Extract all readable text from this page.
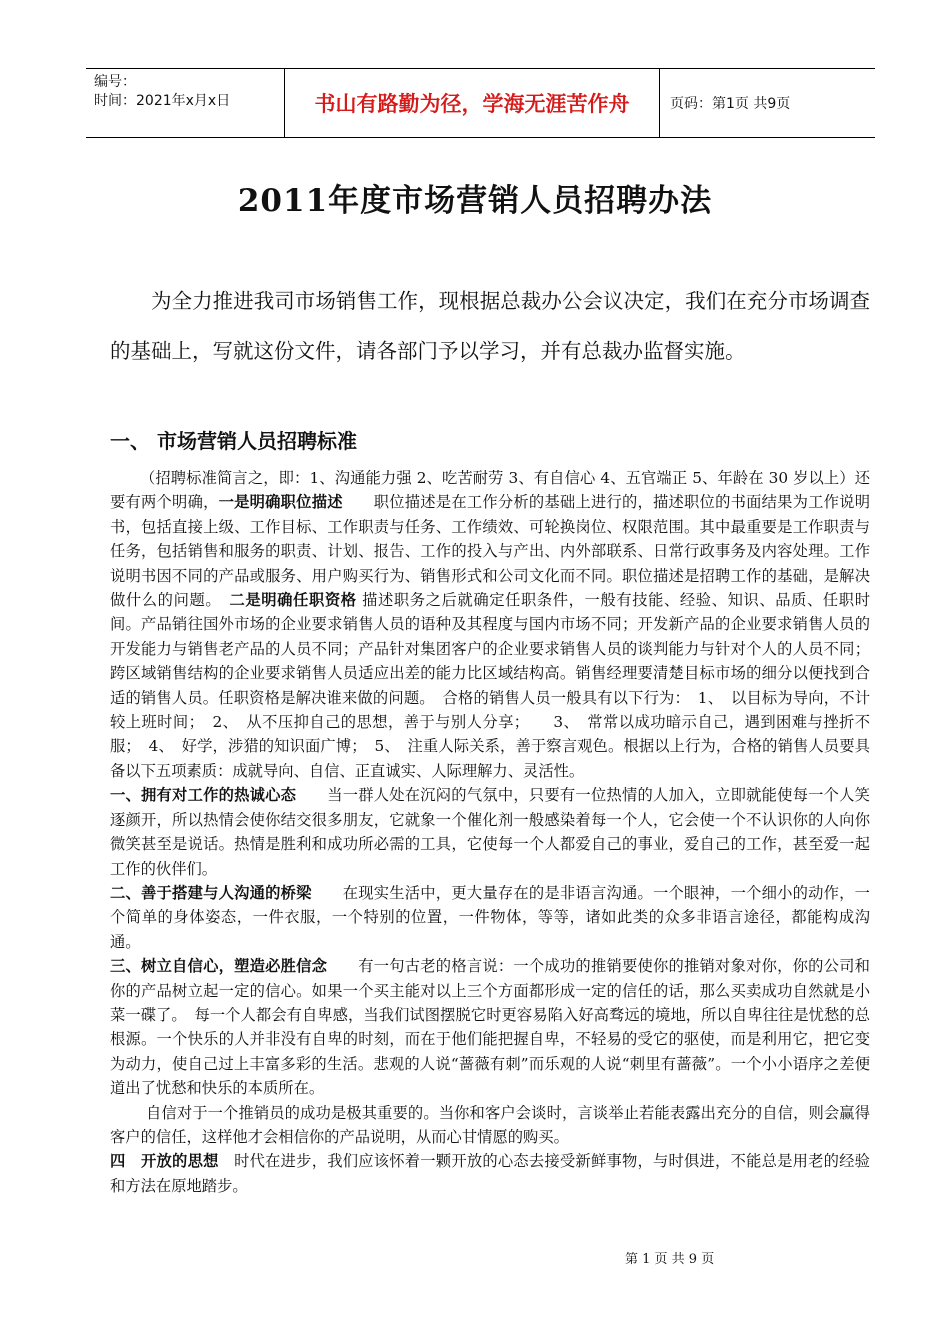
编号：
时间：2021年x月x日	书山有路勤为径，学海无涯苦作舟	页码：第1页 共9页
2011年度市场营销人员招聘办法
为全力推进我司市场销售工作，现根据总裁办公会议决定，我们在充分市场调查的基础上，写就这份文件，请各部门予以学习，并有总裁办监督实施。
一、 市场营销人员招聘标准

（招聘标准简言之，即：1、沟通能力强 2、吃苦耐劳 3、有自信心 4、五官端正 5、年龄在 30 岁以上）还要有两个明确，一是明确职位描述　　职位描述是在工作分析的基础上进行的，描述职位的书面结果为工作说明书，包括直接上级、工作目标、工作职责与任务、工作绩效、可轮换岗位、权限范围。其中最重要是工作职责与任务，包括销售和服务的职责、计划、报告、工作的投入与产出、内外部联系、日常行政事务及内容处理。工作说明书因不同的产品或服务、用户购买行为、销售形式和公司文化而不同。职位描述是招聘工作的基础，是解决做什么的问题。　二是明确任职资格 描述职务之后就确定任职条件，一般有技能、经验、知识、品质、任职时间。产品销往国外市场的企业要求销售人员的语种及其程度与国内市场不同；开发新产品的企业要求销售人员的开发能力与销售老产品的人员不同；产品针对集团客户的企业要求销售人员的谈判能力与针对个人的人员不同；跨区域销售结构的企业要求销售人员适应出差的能力比区域结构高。销售经理要清楚目标市场的细分以便找到合适的销售人员。任职资格是解决谁来做的问题。　合格的销售人员一般具有以下行为：　1、　以目标为导向，不计较上班时间；　2、　从不压抑自己的思想，善于与别人分享；　　3、　常常以成功暗示自己，遇到困难与挫折不服；　4、　好学，涉猎的知识面广博；　5、　注重人际关系，善于察言观色。根据以上行为，合格的销售人员要具备以下五项素质：成就导向、自信、正直诚实、人际理解力、灵活性。

一、拥有对工作的热诚心态　　当一群人处在沉闷的气氛中，只要有一位热情的人加入，立即就能使每一个人笑逐颜开，所以热情会使你结交很多朋友，它就象一个催化剂一般感染着每一个人，它会使一个不认识你的人向你微笑甚至是说话。热情是胜利和成功所必需的工具，它使每一个人都爱自己的事业，爱自己的工作，甚至爱一起工作的伙伴们。

二、善于搭建与人沟通的桥梁　　在现实生活中，更大量存在的是非语言沟通。一个眼神，一个细小的动作，一个简单的身体姿态，一件衣服，一个特别的位置，一件物体，等等，诸如此类的众多非语言途径，都能构成沟通。

三、树立自信心，塑造必胜信念　　有一句古老的格言说：一个成功的推销要使你的推销对象对你，你的公司和你的产品树立起一定的信心。如果一个买主能对以上三个方面都形成一定的信任的话，那么买卖成功自然就是小菜一碟了。　每一个人都会有自卑感，当我们试图摆脱它时更容易陷入好高骛远的境地，所以自卑往往是忧愁的总根源。一个快乐的人并非没有自卑的时刻，而在于他们能把握自卑，不轻易的受它的驱使，而是利用它，把它变为动力，使自己过上丰富多彩的生活。悲观的人说“蔷薇有刺”而乐观的人说“刺里有蔷薇”。一个小小语序之差便道出了忧愁和快乐的本质所在。

自信对于一个推销员的成功是极其重要的。当你和客户会谈时，言谈举止若能表露出充分的自信，则会赢得客户的信任，这样他才会相信你的产品说明，从而心甘情愿的购买。

四　开放的思想　时代在进步，我们应该怀着一颗开放的心态去接受新鲜事物，与时俱进，不能总是用老的经验和方法在原地踏步。

第 1 页 共 9 页
